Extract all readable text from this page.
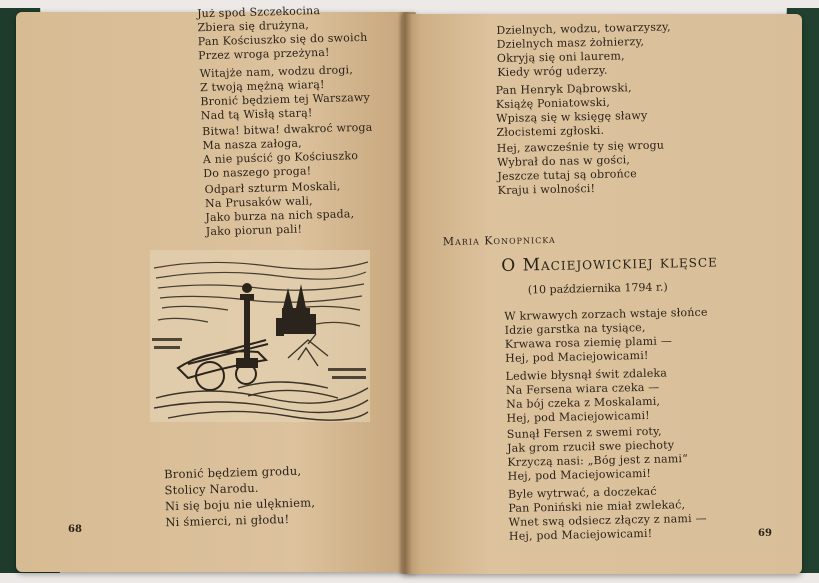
Już spod Szczekocina
Zbiera się drużyna,
Pan Kościuszko się do swoich
Przez wroga przeżyna!
Witajże nam, wodzu drogi,
Z twoją mężną wiarą!
Bronić będziem tej Warszawy
Nad tą Wisłą starą!
Bitwa! bitwa! dwakroć wroga
Ma nasza załoga,
A nie puścić go Kościuszko
Do naszego proga!
Odparł szturm Moskali,
Na Prusaków wali,
Jako burza na nich spada,
Jako piorun pali!
Bronić będziem grodu,
Stolicy Narodu.
Ni się boju nie ulękniem,
Ni śmierci, ni głodu!
68
Dzielnych, wodzu, towarzyszy,
Dzielnych masz żołnierzy,
Okryją się oni laurem,
Kiedy wróg uderzy.
Pan Henryk Dąbrowski,
Książę Poniatowski,
Wpiszą się w księgę sławy
Złocistemi zgłoski.
Hej, zawcześnie ty się wrogu
Wybrał do nas w gości,
Jeszcze tutaj są obrońce
Kraju i wolności!
Maria Konopnicka
O Maciejowickiej klęsce
(10 października 1794 r.)
W krwawych zorzach wstaje słońce
Idzie garstka na tysiące,
Krwawa rosa ziemię plami —
Hej, pod Maciejowicami!
Ledwie błysnął świt zdaleka
Na Fersena wiara czeka —
Na bój czeka z Moskalami,
Hej, pod Maciejowicami!
Sunął Fersen z swemi roty,
Jak grom rzucił swe piechoty
Krzyczą nasi: „Bóg jest z nami“
Hej, pod Maciejowicami!
Byle wytrwać, a doczekać
Pan Poniński nie miał zwlekać,
Wnet swą odsiecz złączy z nami —
Hej, pod Maciejowicami!	69
